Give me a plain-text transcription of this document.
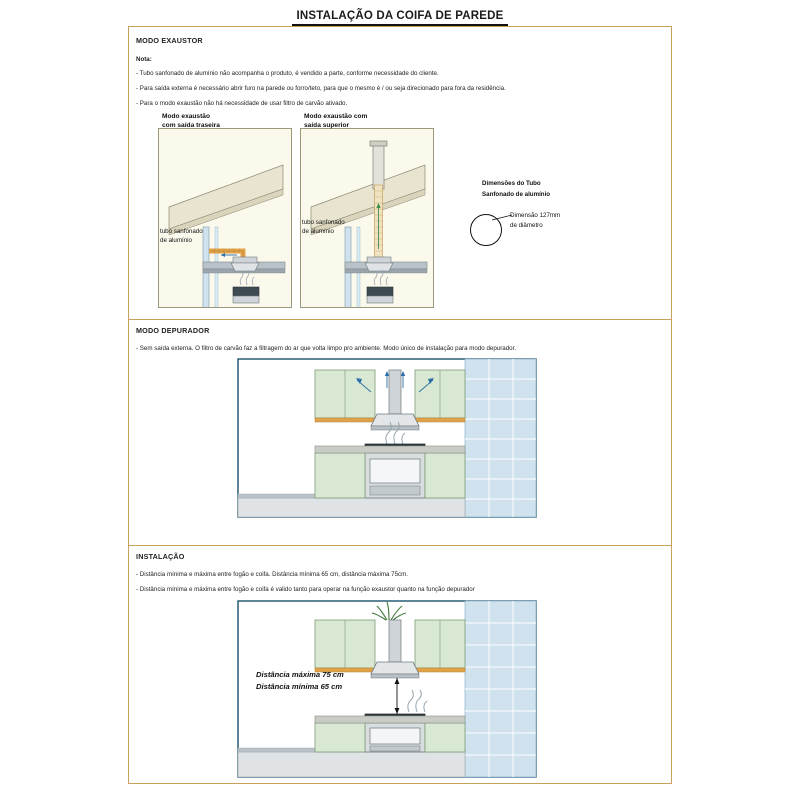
INSTALAÇÃO DA COIFA DE PAREDE
MODO EXAUSTOR
Nota:
- Tubo sanfonado de alumínio não acompanha o produto, é vendido a parte, conforme necessidade do cliente.
- Para saída externa é necessário abrir furo na parede ou forro/teto, para que o mesmo é / ou seja direcionado para fora da residência.
- Para o modo exaustão não há necessidade de usar filtro de carvão ativado.
Modo exaustão
com saída traseira
tubo sanfonado
de alumínio
Modo exaustão com
saída superior
tubo sanfonado
de alumínio
Dimensões do Tubo
Sanfonado de alumínio
Dimensão 127mm
de diâmetro
MODO DEPURADOR
- Sem saída externa. O filtro de carvão faz a filtragem do ar que volta limpo pro ambiente. Modo único de instalação para modo depurador.
INSTALAÇÃO
- Distância mínima e máxima entre fogão e coifa. Distância mínima 65 cm, distância máxima 75cm.
- Distância mínima e máxima entre fogão e coifa é valido tanto para operar na função exaustor quanto na função depurador
Distância máxima 75 cm
Distância mínima 65 cm
